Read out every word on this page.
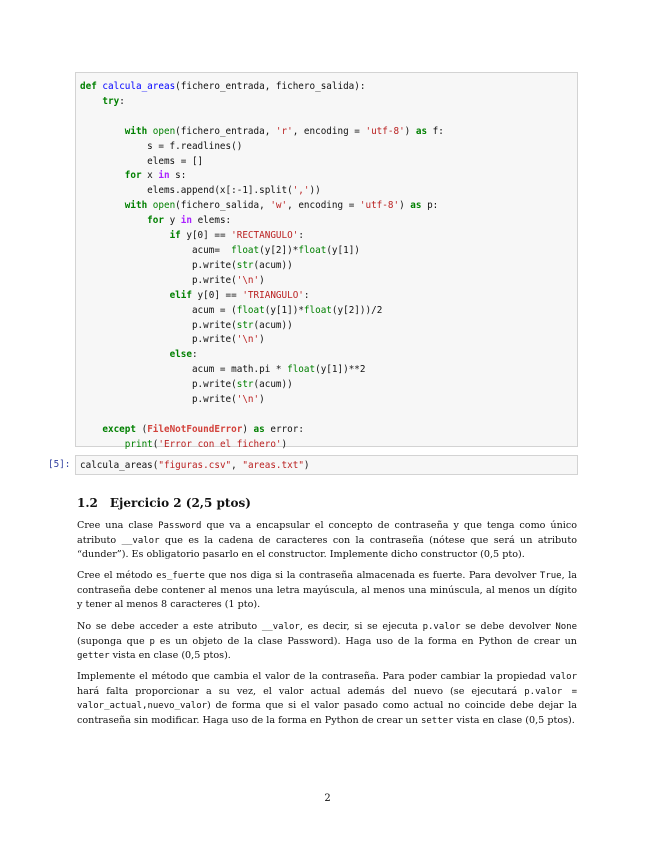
def calcula_areas(fichero_entrada, fichero_salida):
try:

with open(fichero_entrada, 'r', encoding = 'utf-8') as f:
s = f.readlines()
elems = []
for x in s:
elems.append(x[:-1].split(','))
with open(fichero_salida, 'w', encoding = 'utf-8') as p:
for y in elems:
if y[0] == 'RECTANGULO':
acum=  float(y[2])*float(y[1])
p.write(str(acum))
p.write('\n')
elif y[0] == 'TRIANGULO':
acum = (float(y[1])*float(y[2]))/2
p.write(str(acum))
p.write('\n')
else:
acum = math.pi * float(y[1])**2
p.write(str(acum))
p.write('\n')

except (FileNotFoundError) as error:
print('Error con el fichero')
[5]: calcula_areas("figuras.csv", "areas.txt")
1.2 Ejercicio 2 (2,5 ptos)

Cree una clase Password que va a encapsular el concepto de contraseña y que tenga como único atributo __valor que es la cadena de caracteres con la contraseña (nótese que será un atributo “dunder”). Es obligatorio pasarlo en el constructor. Implemente dicho constructor (0,5 pto).

Cree el método es_fuerte que nos diga si la contraseña almacenada es fuerte. Para devolver True, la contraseña debe contener al menos una letra mayúscula, al menos una minúscula, al menos un dígito y tener al menos 8 caracteres (1 pto).

No se debe acceder a este atributo __valor, es decir, si se ejecuta p.valor se debe devolver None (suponga que p es un objeto de la clase Password). Haga uso de la forma en Python de crear un getter vista en clase (0,5 ptos).

Implemente el método que cambia el valor de la contraseña. Para poder cambiar la propiedad valor hará falta proporcionar a su vez, el valor actual además del nuevo (se ejecutará p.valor = valor_actual,nuevo_valor) de forma que si el valor pasado como actual no coincide debe dejar la contraseña sin modificar. Haga uso de la forma en Python de crear un setter vista en clase (0,5 ptos).

2
